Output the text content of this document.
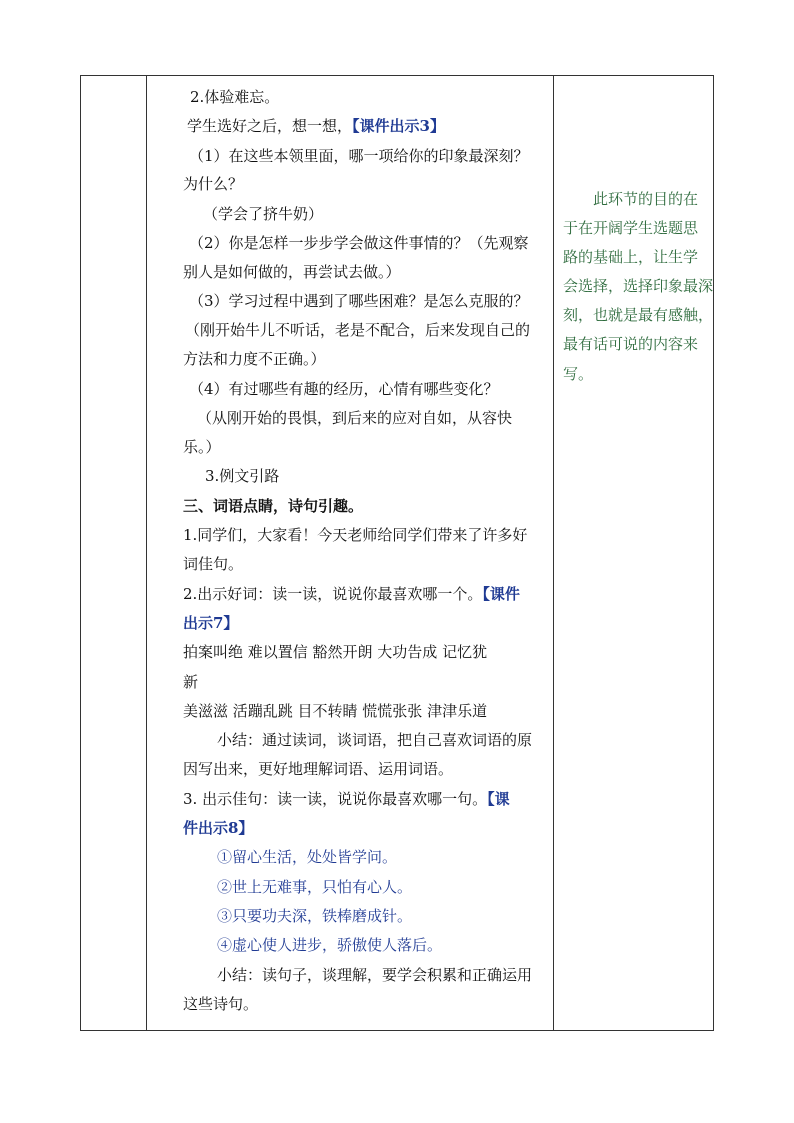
2.体验难忘。
学生选好之后，想一想，【课件出示3】
（1）在这些本领里面，哪一项给你的印象最深刻？
为什么？
（学会了挤牛奶）
（2）你是怎样一步步学会做这件事情的？（先观察
别人是如何做的，再尝试去做。）
（3）学习过程中遇到了哪些困难？是怎么克服的？
（刚开始牛儿不听话，老是不配合，后来发现自己的
方法和力度不正确。）
（4）有过哪些有趣的经历，心情有哪些变化？
（从刚开始的畏惧，到后来的应对自如，从容快
乐。）
3.例文引路
三、词语点睛，诗句引趣。
1.同学们，大家看！今天老师给同学们带来了许多好
词佳句。
2.出示好词：读一读，说说你最喜欢哪一个。【课件
出示7】
拍案叫绝 难以置信 豁然开朗 大功告成 记忆犹
新
美滋滋 活蹦乱跳 目不转睛 慌慌张张 津津乐道
小结：通过读词，谈词语，把自己喜欢词语的原
因写出来，更好地理解词语、运用词语。
3. 出示佳句：读一读，说说你最喜欢哪一句。【课
件出示8】
①留心生活，处处皆学问。
②世上无难事，只怕有心人。
③只要功夫深，铁棒磨成针。
④虚心使人进步，骄傲使人落后。
小结：读句子，谈理解，要学会积累和正确运用
这些诗句。
此环节的目的在
于在开阔学生选题思
路的基础上，让生学
会选择，选择印象最深
刻，也就是最有感触，
最有话可说的内容来
写。
